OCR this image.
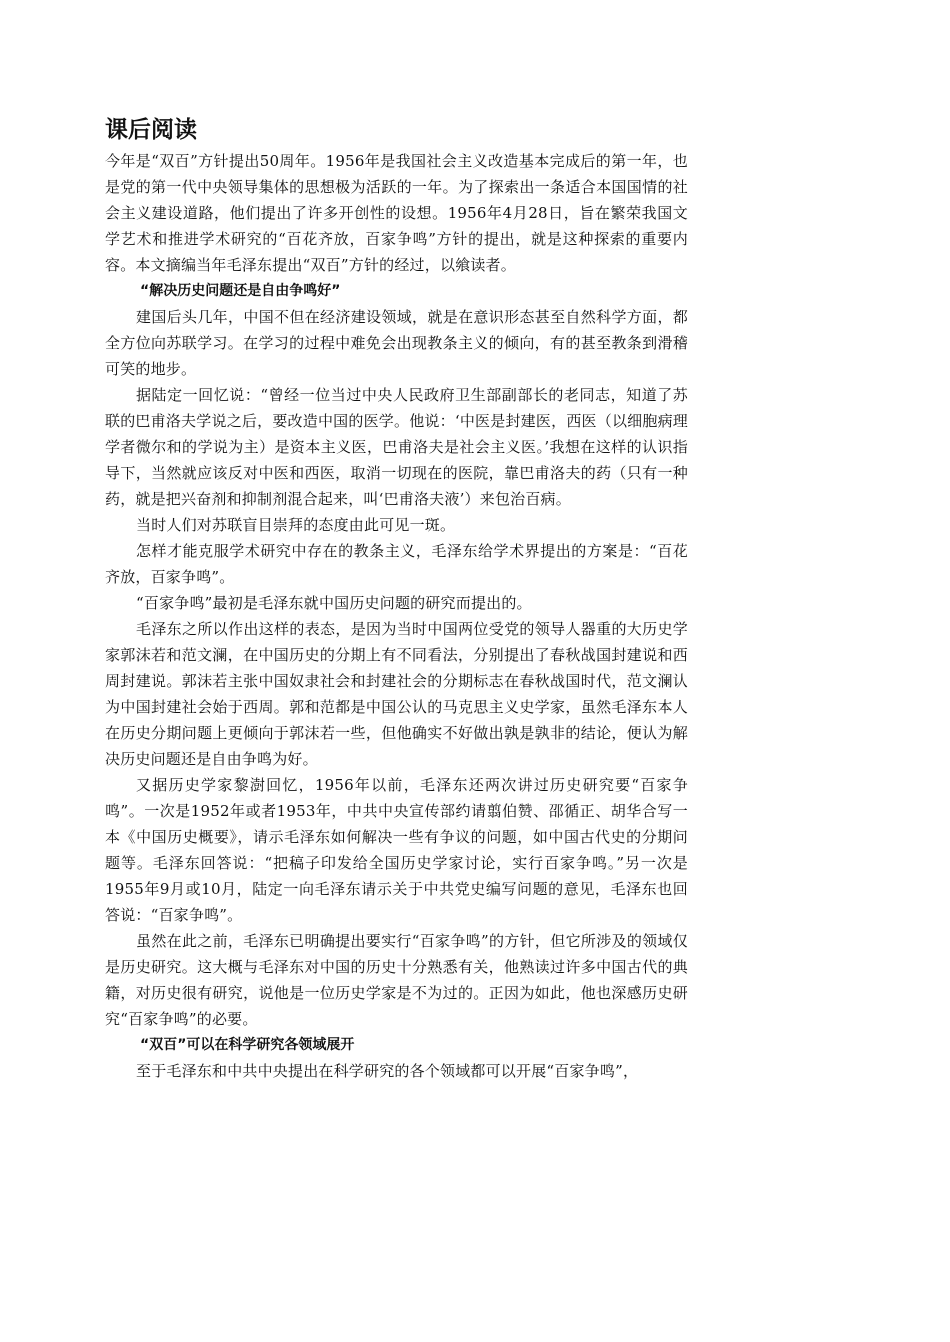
课后阅读

今年是“双百”方针提出50周年。1956年是我国社会主义改造基本完成后的第一年，也是党的第一代中央领导集体的思想极为活跃的一年。为了探索出一条适合本国国情的社会主义建设道路，他们提出了许多开创性的设想。1956年4月28日，旨在繁荣我国文学艺术和推进学术研究的“百花齐放，百家争鸣”方针的提出，就是这种探索的重要内容。本文摘编当年毛泽东提出“双百”方针的经过，以飨读者。

“解决历史问题还是自由争鸣好”

建国后头几年，中国不但在经济建设领域，就是在意识形态甚至自然科学方面，都全方位向苏联学习。在学习的过程中难免会出现教条主义的倾向，有的甚至教条到滑稽可笑的地步。

据陆定一回忆说：“曾经一位当过中央人民政府卫生部副部长的老同志，知道了苏联的巴甫洛夫学说之后，要改造中国的医学。他说：‘中医是封建医，西医（以细胞病理学者微尔和的学说为主）是资本主义医，巴甫洛夫是社会主义医。’我想在这样的认识指导下，当然就应该反对中医和西医，取消一切现在的医院，靠巴甫洛夫的药（只有一种药，就是把兴奋剂和抑制剂混合起来，叫‘巴甫洛夫液’）来包治百病。

当时人们对苏联盲目崇拜的态度由此可见一斑。

怎样才能克服学术研究中存在的教条主义，毛泽东给学术界提出的方案是：“百花齐放，百家争鸣”。

“百家争鸣”最初是毛泽东就中国历史问题的研究而提出的。

毛泽东之所以作出这样的表态，是因为当时中国两位受党的领导人器重的大历史学家郭沫若和范文澜，在中国历史的分期上有不同看法，分别提出了春秋战国封建说和西周封建说。郭沫若主张中国奴隶社会和封建社会的分期标志在春秋战国时代，范文澜认为中国封建社会始于西周。郭和范都是中国公认的马克思主义史学家，虽然毛泽东本人在历史分期问题上更倾向于郭沫若一些，但他确实不好做出孰是孰非的结论，便认为解决历史问题还是自由争鸣为好。

又据历史学家黎澍回忆，1956年以前，毛泽东还两次讲过历史研究要“百家争鸣”。一次是1952年或者1953年，中共中央宣传部约请翦伯赞、邵循正、胡华合写一本《中国历史概要》，请示毛泽东如何解决一些有争议的问题，如中国古代史的分期问题等。毛泽东回答说：“把稿子印发给全国历史学家讨论，实行百家争鸣。”另一次是1955年9月或10月，陆定一向毛泽东请示关于中共党史编写问题的意见，毛泽东也回答说：“百家争鸣”。

虽然在此之前，毛泽东已明确提出要实行“百家争鸣”的方针，但它所涉及的领域仅是历史研究。这大概与毛泽东对中国的历史十分熟悉有关，他熟读过许多中国古代的典籍，对历史很有研究，说他是一位历史学家是不为过的。正因为如此，他也深感历史研究“百家争鸣”的必要。

“双百”可以在科学研究各领域展开

至于毛泽东和中共中央提出在科学研究的各个领域都可以开展“百家争鸣”，
